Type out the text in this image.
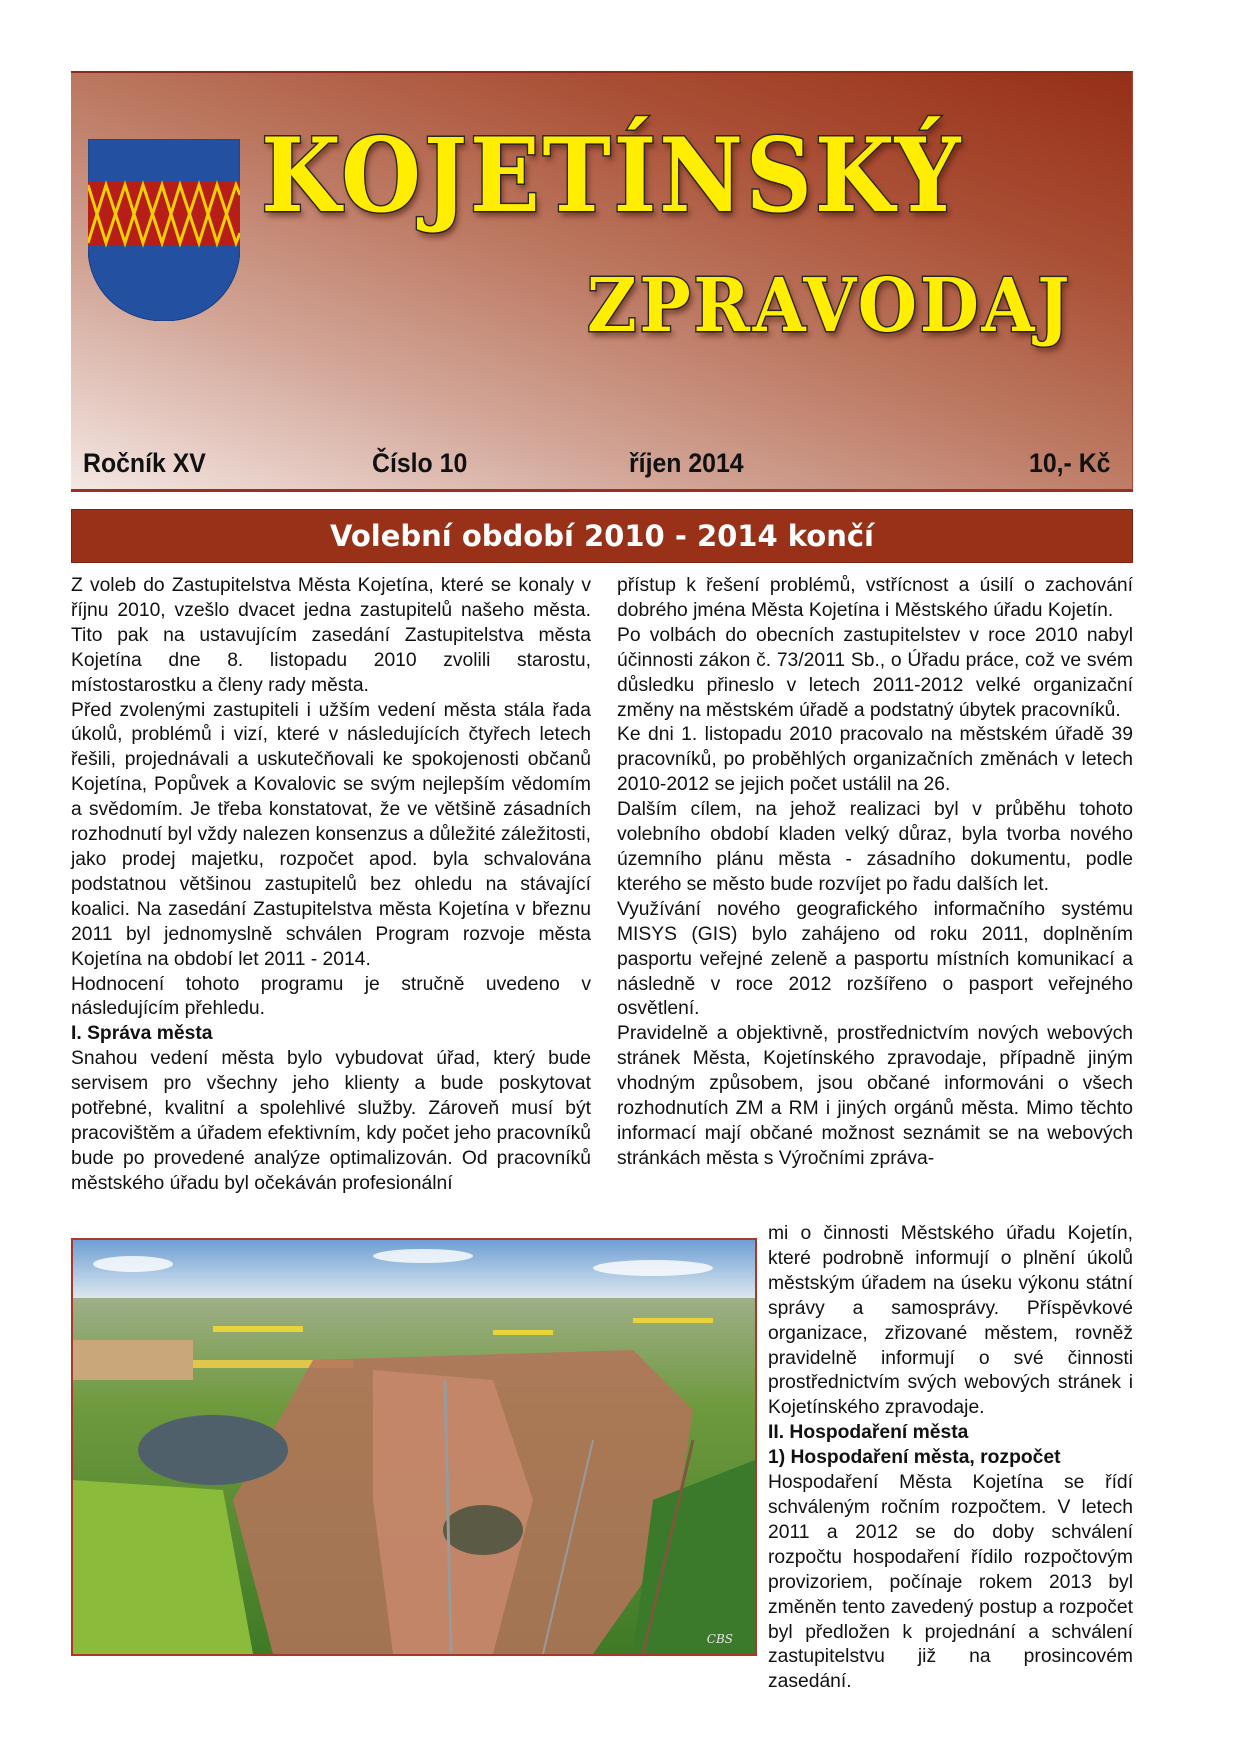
KOJETÍNSKÝ
ZPRAVODAJ
Ročník XV	Číslo 10	říjen 2014	10,- Kč
Volební období 2010 - 2014 končí

Z voleb do Zastupitelstva Města Kojetína, které se konaly v říjnu 2010, vzešlo dvacet jedna zastupitelů našeho města. Tito pak na ustavujícím zasedání Zastupitelstva města Kojetína dne 8. listopadu 2010 zvolili starostu, místostarostku a členy rady města.

Před zvolenými zastupiteli i užším vedení města stála řada úkolů, problémů i vizí, které v následujících čtyřech letech řešili, projednávali a uskutečňovali ke spokojenosti občanů Kojetína, Popůvek a Kovalovic se svým nejlepším vědomím a svědomím. Je třeba konstatovat, že ve většině zásadních rozhodnutí byl vždy nalezen konsenzus a důležité záležitosti, jako prodej majetku, rozpočet apod. byla schvalována podstatnou většinou zastupitelů bez ohledu na stávající koalici. Na zasedání Zastupitelstva města Kojetína v březnu 2011 byl jednomyslně schválen Program rozvoje města Kojetína na období let 2011 - 2014.

Hodnocení tohoto programu je stručně uvedeno v následujícím přehledu.

I. Správa města

Snahou vedení města bylo vybudovat úřad, který bude servisem pro všechny jeho klienty a bude poskytovat potřebné, kvalitní a spolehlivé služby. Zároveň musí být pracovištěm a úřadem efektivním, kdy počet jeho pracovníků bude po provedené analýze optimalizován. Od pracovníků městského úřadu byl očekáván profesionální

přístup k řešení problémů, vstřícnost a úsilí o zachování dobrého jména Města Kojetína i Městského úřadu Kojetín.

Po volbách do obecních zastupitelstev v roce 2010 nabyl účinnosti zákon č. 73/2011 Sb., o Úřadu práce, což ve svém důsledku přineslo v letech 2011-2012 velké organizační změny na městském úřadě a podstatný úbytek pracovníků.

Ke dni 1. listopadu 2010 pracovalo na městském úřadě 39 pracovníků, po proběhlých organizačních změnách v letech 2010-2012 se jejich počet ustálil na 26.

Dalším cílem, na jehož realizaci byl v průběhu tohoto volebního období kladen velký důraz, byla tvorba nového územního plánu města - zásadního dokumentu, podle kterého se město bude rozvíjet po řadu dalších let.

Využívání nového geografického informačního systému MISYS (GIS) bylo zahájeno od roku 2011, doplněním pasportu veřejné zeleně a pasportu místních komunikací a následně v roce 2012 rozšířeno o pasport veřejného osvětlení.

Pravidelně a objektivně, prostřednictvím nových webových stránek Města, Kojetínského zpravodaje, případně jiným vhodným způsobem, jsou občané informováni o všech rozhodnutích ZM a RM i jiných orgánů města. Mimo těchto informací mají občané možnost seznámit se na webových stránkách města s Výročními zpráva-

CBS

mi o činnosti Městského úřadu Kojetín, které podrobně informují o plnění úkolů městským úřadem na úseku výkonu státní správy a samosprávy. Příspěvkové organizace, zřizované městem, rovněž pravidelně informují o své činnosti prostřednictvím svých webových stránek i Kojetínského zpravodaje.

II. Hospodaření města

1) Hospodaření města, rozpočet

Hospodaření Města Kojetína se řídí schváleným ročním rozpočtem. V letech 2011 a 2012 se do doby schválení rozpočtu hospodaření řídilo rozpočtovým provizoriem, počínaje rokem 2013 byl změněn tento zavedený postup a rozpočet byl předložen k projednání a schválení zastupitelstvu již na prosincovém zasedání.
